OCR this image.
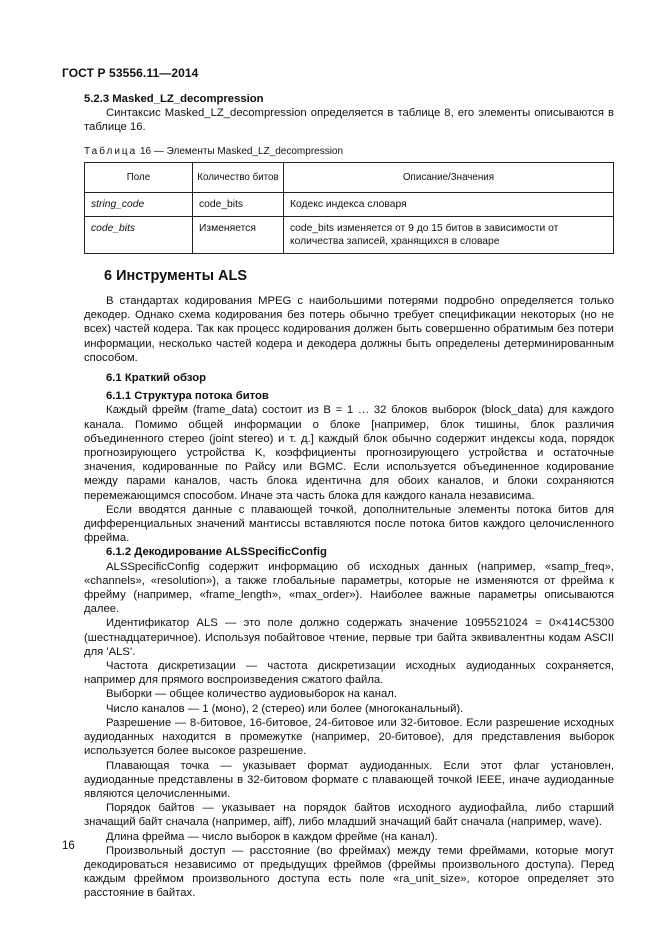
ГОСТ Р 53556.11—2014
5.2.3 Masked_LZ_decompression

Синтаксис Masked_LZ_decompression определяется в таблице 8, его элементы описываются в таблице 16.

Таблица 16 — Элементы Masked_LZ_decompression
Поле	Количество битов	Описание/Значения
string_code	code_bits	Кодекс индекса словаря
code_bits	Изменяется	code_bits изменяется от 9 до 15 битов в зависимости от количества записей, хранящихся в словаре
6 Инструменты ALS

В стандартах кодирования MPEG с наибольшими потерями подробно определяется только декодер. Однако схема кодирования без потерь обычно требует спецификации некоторых (но не всех) частей кодера. Так как процесс кодирования должен быть совершенно обратимым без потери информации, несколько частей кодера и декодера должны быть определены детерминированным способом.

6.1 Краткий обзор
6.1.1 Структура потока битов

Каждый фрейм (frame_data) состоит из B = 1 … 32 блоков выборок (block_data) для каждого канала. Помимо общей информации о блоке [например, блок тишины, блок различия объединенного стерео (joint stereo) и т. д.] каждый блок обычно содержит индексы кода, порядок прогнозирующего устройства K, коэффициенты прогнозирующего устройства и остаточные значения, кодированные по Райсу или BGMC. Если используется объединенное кодирование между парами каналов, часть блока идентична для обоих каналов, и блоки сохраняются перемежающимся способом. Иначе эта часть блока для каждого канала независима.

Если вводятся данные с плавающей точкой, дополнительные элементы потока битов для дифференциальных значений мантиссы вставляются после потока битов каждого целочисленного фрейма.

6.1.2 Декодирование ALSSpecificConfig

ALSSpecificConfig содержит информацию об исходных данных (например, «samp_freq», «channels», «resolution»), а также глобальные параметры, которые не изменяются от фрейма к фрейму (например, «frame_length», «max_order»). Наиболее важные параметры описываются далее.

Идентификатор ALS — это поле должно содержать значение 1095521024 = 0×414C5300 (шестнадцатеричное). Используя побайтовое чтение, первые три байта эквивалентны кодам ASCII для 'ALS'.

Частота дискретизации — частота дискретизации исходных аудиоданных сохраняется, например для прямого воспроизведения сжатого файла.

Выборки — общее количество аудиовыборок на канал.

Число каналов — 1 (моно), 2 (стерео) или более (многоканальный).

Разрешение — 8-битовое, 16-битовое, 24-битовое или 32-битовое. Если разрешение исходных аудиоданных находится в промежутке (например, 20-битовое), для представления выборок используется более высокое разрешение.

Плавающая точка — указывает формат аудиоданных. Если этот флаг установлен, аудиоданные представлены в 32-битовом формате с плавающей точкой IEEE, иначе аудиоданные являются целочисленными.

Порядок байтов — указывает на порядок байтов исходного аудиофайла, либо старший значащий байт сначала (например, aiff), либо младший значащий байт сначала (например, wave).

Длина фрейма — число выборок в каждом фрейме (на канал).

Произвольный доступ — расстояние (во фреймах) между теми фреймами, которые могут декодироваться независимо от предыдущих фреймов (фреймы произвольного доступа). Перед каждым фреймом произвольного доступа есть поле «ra_unit_size», которое определяет это расстояние в байтах.

16
